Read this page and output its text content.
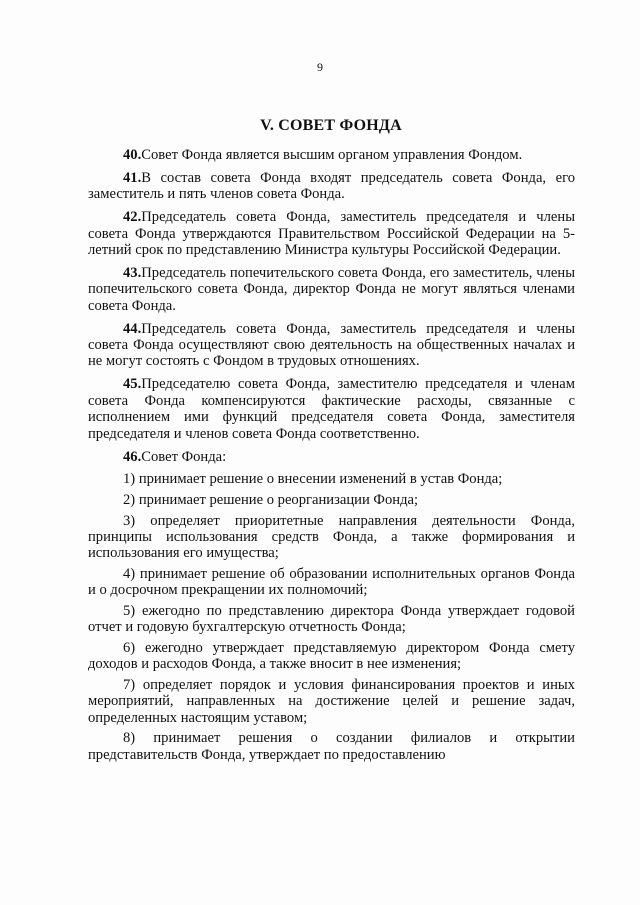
9
V. СОВЕТ ФОНДА

40.Совет Фонда является высшим органом управления Фондом.

41.В состав совета Фонда входят председатель совета Фонда, его заместитель и пять членов совета Фонда.

42.Председатель совета Фонда, заместитель председателя и члены совета Фонда утверждаются Правительством Российской Федерации на 5-летний срок по представлению Министра культуры Российской Федерации.

43.Председатель попечительского совета Фонда, его заместитель, члены попечительского совета Фонда, директор Фонда не могут являться членами совета Фонда.

44.Председатель совета Фонда, заместитель председателя и члены совета Фонда осуществляют свою деятельность на общественных началах и не могут состоять с Фондом в трудовых отношениях.

45.Председателю совета Фонда, заместителю председателя и членам совета Фонда компенсируются фактические расходы, связанные с исполнением ими функций председателя совета Фонда, заместителя председателя и членов совета Фонда соответственно.

46.Совет Фонда:

1) принимает решение о внесении изменений в устав Фонда;

2) принимает решение о реорганизации Фонда;

3) определяет приоритетные направления деятельности Фонда, принципы использования средств Фонда, а также формирования и использования его имущества;

4) принимает решение об образовании исполнительных органов Фонда и о досрочном прекращении их полномочий;

5) ежегодно по представлению директора Фонда утверждает годовой отчет и годовую бухгалтерскую отчетность Фонда;

6) ежегодно утверждает представляемую директором Фонда смету доходов и расходов Фонда, а также вносит в нее изменения;

7) определяет порядок и условия финансирования проектов и иных мероприятий, направленных на достижение целей и решение задач, определенных настоящим уставом;

8) принимает решения о создании филиалов и открытии представительств Фонда, утверждает по предоставлению
